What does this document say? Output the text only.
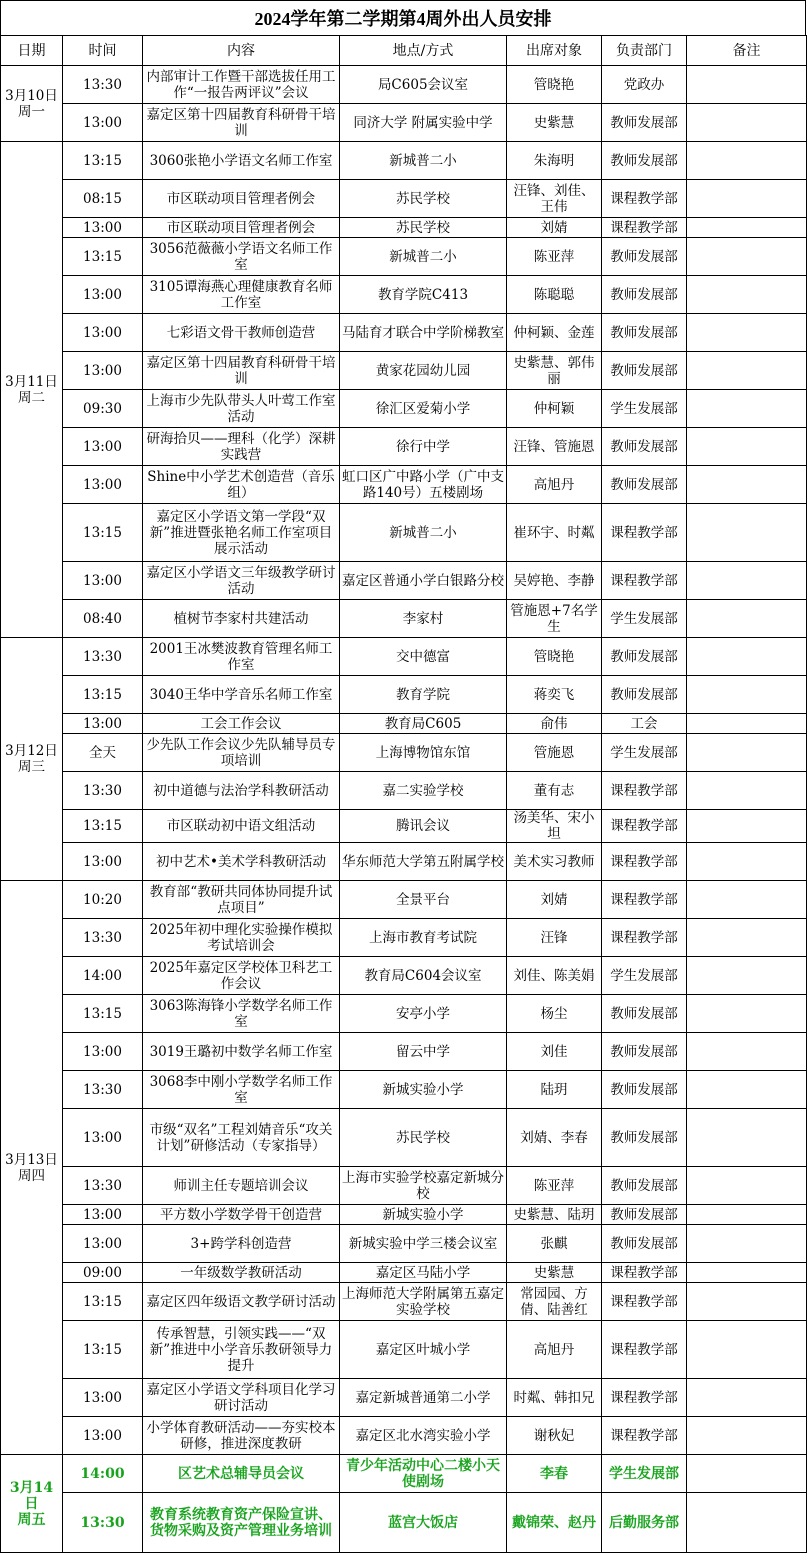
2024学年第二学期第4周外出人员安排
日期	时间	内容	地点/方式	出席对象	负责部门	备注

3月10日
周一	13:30	内部审计工作暨干部选拔任用工作“一报告两评议”会议	局C605会议室	管晓艳	党政办	
	13:00	嘉定区第十四届教育科研骨干培训	同济大学 附属实验中学	史紫慧	教师发展部	

3月11日
周二	13:15	3060张艳小学语文名师工作室	新城普二小	朱海明	教师发展部	
	08:15	市区联动项目管理者例会	苏民学校	汪锋、刘佳、王伟	课程教学部	
	13:00	市区联动项目管理者例会	苏民学校	刘婧	课程教学部	
	13:15	3056范薇薇小学语文名师工作室	新城普二小	陈亚萍	教师发展部	
	13:00	3105谭海燕心理健康教育名师工作室	教育学院C413	陈聪聪	教师发展部	
	13:00	七彩语文骨干教师创造营	马陆育才联合中学阶梯教室	仲柯颖、金莲	教师发展部	
	13:00	嘉定区第十四届教育科研骨干培训	黄家花园幼儿园	史紫慧、郭伟丽	教师发展部	
	09:30	上海市少先队带头人叶莺工作室活动	徐汇区爱菊小学	仲柯颖	学生发展部	
	13:00	研海拾贝——理科（化学）深耕实践营	徐行中学	汪锋、管施恩	教师发展部	
	13:00	Shine中小学艺术创造营（音乐组）	虹口区广中路小学（广中支路140号）五楼剧场	高旭丹	教师发展部	
	13:15	嘉定区小学语文第一学段“双新”推进暨张艳名师工作室项目展示活动	新城普二小	崔环宇、时粼	课程教学部	
	13:00	嘉定区小学语文三年级教学研讨活动	嘉定区普通小学白银路分校	吴婷艳、李静	课程教学部	
	08:40	植树节李家村共建活动	李家村	管施恩+7名学生	学生发展部	

3月12日
周三	13:30	2001王冰樊波教育管理名师工作室	交中德富	管晓艳	教师发展部	
	13:15	3040王华中学音乐名师工作室	教育学院	蒋奕飞	教师发展部	
	13:00	工会工作会议	教育局C605	俞伟	工会	
	全天	少先队工作会议少先队辅导员专项培训	上海博物馆东馆	管施恩	学生发展部	
	13:30	初中道德与法治学科教研活动	嘉二实验学校	董有志	课程教学部	
	13:15	市区联动初中语文组活动	腾讯会议	汤美华、宋小坦	课程教学部	
	13:00	初中艺术•美术学科教研活动	华东师范大学第五附属学校	美术实习教师	课程教学部	

3月13日
周四	10:20	教育部“教研共同体协同提升试点项目”	全景平台	刘婧	课程教学部	
	13:30	2025年初中理化实验操作模拟考试培训会	上海市教育考试院	汪锋	课程教学部	
	14:00	2025年嘉定区学校体卫科艺工作会议	教育局C604会议室	刘佳、陈美娟	学生发展部	
	13:15	3063陈海锋小学数学名师工作室	安亭小学	杨尘	教师发展部	
	13:00	3019王璐初中数学名师工作室	留云中学	刘佳	教师发展部	
	13:30	3068李中刚小学数学名师工作室	新城实验小学	陆玥	教师发展部	
	13:00	市级“双名”工程刘婧音乐“攻关计划”研修活动（专家指导）	苏民学校	刘婧、李春	教师发展部	
	13:30	师训主任专题培训会议	上海市实验学校嘉定新城分校	陈亚萍	教师发展部	
	13:00	平方数小学数学骨干创造营	新城实验小学	史紫慧、陆玥	教师发展部	
	13:00	3+跨学科创造营	新城实验中学三楼会议室	张麒	教师发展部	
	09:00	一年级数学教研活动	嘉定区马陆小学	史紫慧	课程教学部	
	13:15	嘉定区四年级语文教学研讨活动	上海师范大学附属第五嘉定实验学校	常园园、方倩、陆善红	课程教学部	
	13:15	传承智慧，引领实践——“双新”推进中小学音乐教研领导力提升	嘉定区叶城小学	高旭丹	课程教学部	
	13:00	嘉定区小学语文学科项目化学习研讨活动	嘉定新城普通第二小学	时粼、韩扣兄	课程教学部	
	13:00	小学体育教研活动——夯实校本研修，推进深度教研	嘉定区北水湾实验小学	谢秋妃	课程教学部	

3月14日
周五	14:00	区艺术总辅导员会议	青少年活动中心二楼小天使剧场	李春	学生发展部	
	13:30	教育系统教育资产保险宣讲、货物采购及资产管理业务培训	蓝宫大饭店	戴锦荣、赵丹	后勤服务部	
